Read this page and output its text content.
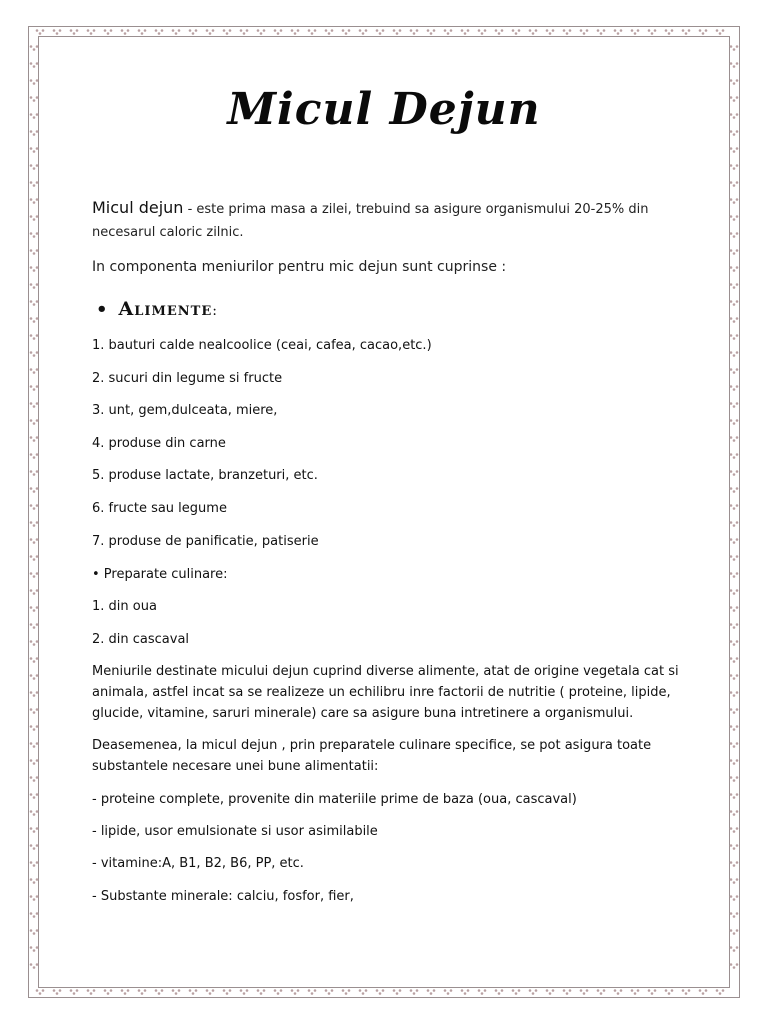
Micul Dejun

Micul dejun - este prima masa a zilei, trebuind sa asigure organismului 20-25% din
necesarul caloric zilnic.

In componenta meniurilor pentru mic dejun sunt cuprinse :

• Alimente:

1. bauturi calde nealcoolice (ceai, cafea, cacao,etc.)

2. sucuri din legume si fructe

3. unt, gem,dulceata, miere,

4. produse din carne

5. produse lactate, branzeturi, etc.

6. fructe sau legume

7. produse de panificatie, patiserie

• Preparate culinare:

1. din oua

2. din cascaval

Meniurile destinate micului dejun cuprind diverse alimente, atat de origine vegetala cat si

animala, astfel incat sa se realizeze un echilibru inre factorii de nutritie ( proteine, lipide,

glucide, vitamine, saruri minerale) care sa asigure buna intretinere a organismului.

Deasemenea, la micul dejun , prin preparatele culinare specifice, se pot asigura toate

substantele necesare unei bune alimentatii:

- proteine complete, provenite din materiile prime de baza (oua, cascaval)

- lipide, usor emulsionate si usor asimilabile

- vitamine:A, B1, B2, B6, PP, etc.

- Substante minerale: calciu, fosfor, fier,
